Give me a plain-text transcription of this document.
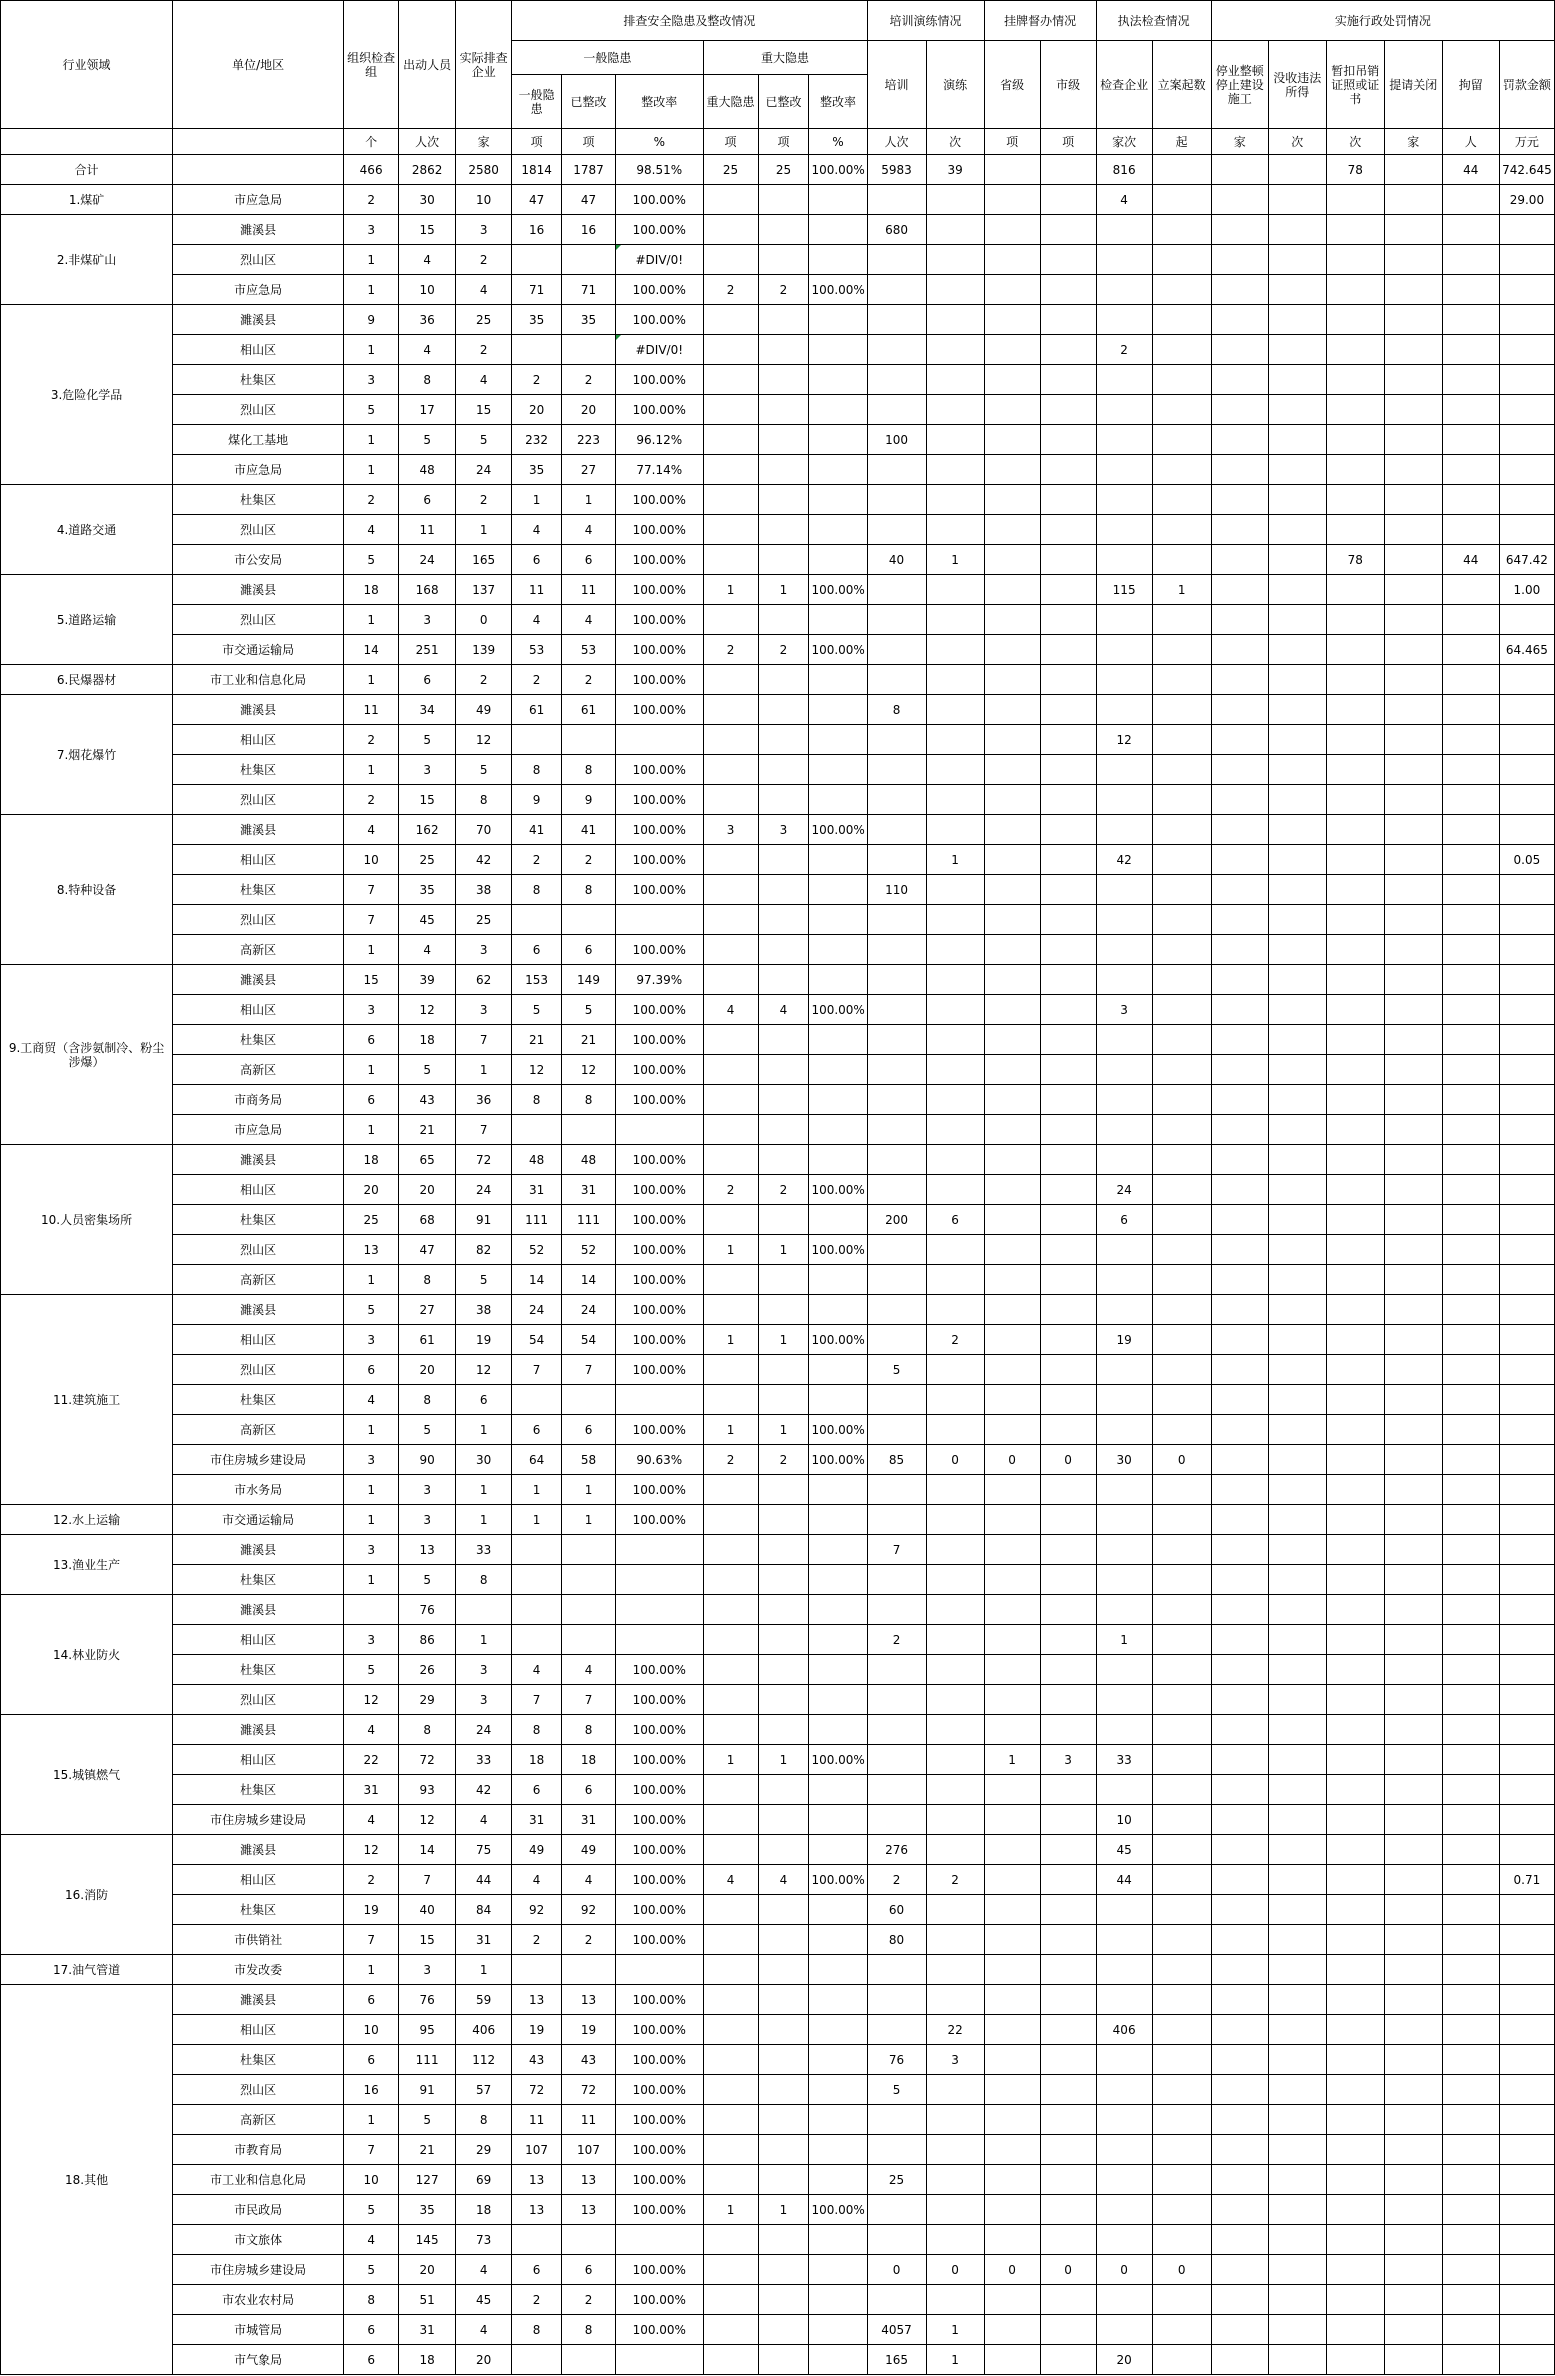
行业领域	单位/地区	组织检查组	出动人员	实际排查企业	排查安全隐患及整改情况						培训演练情况		挂牌督办情况		执法检查情况		实施行政处罚情况					
					一般隐患			重大隐患			培训	演练	省级	市级	检查企业	立案起数	停业整顿停止建设施工	没收违法所得	暂扣吊销证照或证书	提请关闭	拘留	罚款金额
					一般隐患	已整改	整改率	重大隐患	已整改	整改率												
		个	人次	家	项	项	%	项	项	%	人次	次	项	项	家次	起	家	次	次	家	人	万元
合计		466	2862	2580	1814	1787	98.51%	25	25	100.00%	5983	39			816				78		44	742.645
1.煤矿	市应急局	2	30	10	47	47	100.00%								4							29.00
2.非煤矿山	濉溪县	3	15	3	16	16	100.00%				680											
	烈山区	1	4	2			#DIV/0!															
	市应急局	1	10	4	71	71	100.00%	2	2	100.00%												
3.危险化学品	濉溪县	9	36	25	35	35	100.00%															
	相山区	1	4	2			#DIV/0!								2							
	杜集区	3	8	4	2	2	100.00%															
	烈山区	5	17	15	20	20	100.00%															
	煤化工基地	1	5	5	232	223	96.12%				100											
	市应急局	1	48	24	35	27	77.14%															
4.道路交通	杜集区	2	6	2	1	1	100.00%															
	烈山区	4	11	1	4	4	100.00%															
	市公安局	5	24	165	6	6	100.00%				40	1							78		44	647.42
5.道路运输	濉溪县	18	168	137	11	11	100.00%	1	1	100.00%					115	1						1.00
	烈山区	1	3	0	4	4	100.00%															
	市交通运输局	14	251	139	53	53	100.00%	2	2	100.00%												64.465
6.民爆器材	市工业和信息化局	1	6	2	2	2	100.00%															
7.烟花爆竹	濉溪县	11	34	49	61	61	100.00%				8											
	相山区	2	5	12											12							
	杜集区	1	3	5	8	8	100.00%															
	烈山区	2	15	8	9	9	100.00%															
8.特种设备	濉溪县	4	162	70	41	41	100.00%	3	3	100.00%												
	相山区	10	25	42	2	2	100.00%					1			42							0.05
	杜集区	7	35	38	8	8	100.00%				110											
	烈山区	7	45	25																		
	高新区	1	4	3	6	6	100.00%															
9.工商贸（含涉氨制冷、粉尘涉爆）	濉溪县	15	39	62	153	149	97.39%															
	相山区	3	12	3	5	5	100.00%	4	4	100.00%					3							
	杜集区	6	18	7	21	21	100.00%															
	高新区	1	5	1	12	12	100.00%															
	市商务局	6	43	36	8	8	100.00%															
	市应急局	1	21	7																		
10.人员密集场所	濉溪县	18	65	72	48	48	100.00%															
	相山区	20	20	24	31	31	100.00%	2	2	100.00%					24							
	杜集区	25	68	91	111	111	100.00%				200	6			6							
	烈山区	13	47	82	52	52	100.00%	1	1	100.00%												
	高新区	1	8	5	14	14	100.00%															
11.建筑施工	濉溪县	5	27	38	24	24	100.00%															
	相山区	3	61	19	54	54	100.00%	1	1	100.00%		2			19							
	烈山区	6	20	12	7	7	100.00%				5											
	杜集区	4	8	6																		
	高新区	1	5	1	6	6	100.00%	1	1	100.00%												
	市住房城乡建设局	3	90	30	64	58	90.63%	2	2	100.00%	85	0	0	0	30	0						
	市水务局	1	3	1	1	1	100.00%															
12.水上运输	市交通运输局	1	3	1	1	1	100.00%															
13.渔业生产	濉溪县	3	13	33							7											
	杜集区	1	5	8																		
14.林业防火	濉溪县		76																			
	相山区	3	86	1							2				1							
	杜集区	5	26	3	4	4	100.00%															
	烈山区	12	29	3	7	7	100.00%															
15.城镇燃气	濉溪县	4	8	24	8	8	100.00%															
	相山区	22	72	33	18	18	100.00%	1	1	100.00%			1	3	33							
	杜集区	31	93	42	6	6	100.00%															
	市住房城乡建设局	4	12	4	31	31	100.00%								10							
16.消防	濉溪县	12	14	75	49	49	100.00%				276				45							
	相山区	2	7	44	4	4	100.00%	4	4	100.00%	2	2			44							0.71
	杜集区	19	40	84	92	92	100.00%				60											
	市供销社	7	15	31	2	2	100.00%				80											
17.油气管道	市发改委	1	3	1																		
18.其他	濉溪县	6	76	59	13	13	100.00%															
	相山区	10	95	406	19	19	100.00%					22			406							
	杜集区	6	111	112	43	43	100.00%				76	3										
	烈山区	16	91	57	72	72	100.00%				5											
	高新区	1	5	8	11	11	100.00%															
	市教育局	7	21	29	107	107	100.00%															
	市工业和信息化局	10	127	69	13	13	100.00%				25											
	市民政局	5	35	18	13	13	100.00%	1	1	100.00%												
	市文旅体	4	145	73																		
	市住房城乡建设局	5	20	4	6	6	100.00%				0	0	0	0	0	0						
	市农业农村局	8	51	45	2	2	100.00%															
	市城管局	6	31	4	8	8	100.00%				4057	1										
	市气象局	6	18	20							165	1			20							
